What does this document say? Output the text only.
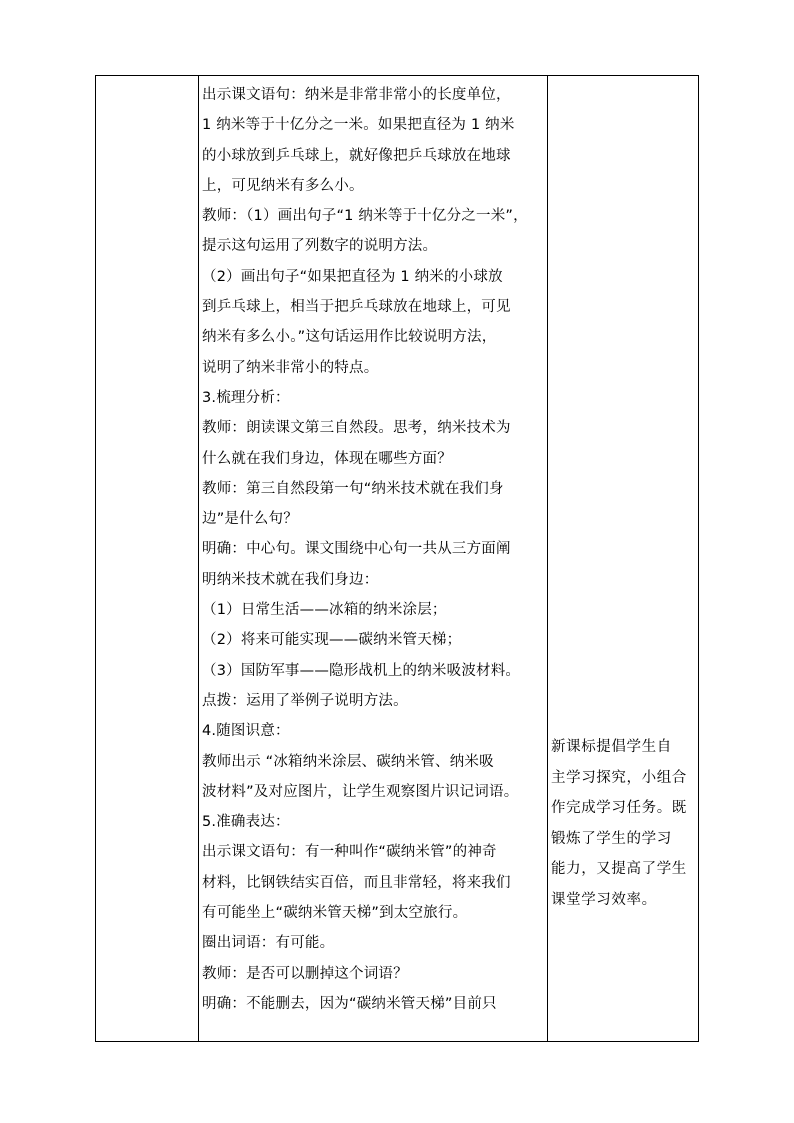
出示课文语句：纳米是非常非常小的长度单位，
1 纳米等于十亿分之一米。如果把直径为 1 纳米
的小球放到乒乓球上，就好像把乒乓球放在地球
上，可见纳米有多么小。
教师：（1）画出句子“1 纳米等于十亿分之一米”，
提示这句运用了列数字的说明方法。
（2）画出句子“如果把直径为 1 纳米的小球放
到乒乓球上，相当于把乒乓球放在地球上，可见
纳米有多么小。”这句话运用作比较说明方法，
说明了纳米非常小的特点。
3.梳理分析：
教师：朗读课文第三自然段。思考，纳米技术为
什么就在我们身边，体现在哪些方面？
教师：第三自然段第一句“纳米技术就在我们身
边”是什么句？
明确：中心句。课文围绕中心句一共从三方面阐
明纳米技术就在我们身边：
（1）日常生活——冰箱的纳米涂层；
（2）将来可能实现——碳纳米管天梯；
（3）国防军事——隐形战机上的纳米吸波材料。
点拨：运用了举例子说明方法。
4.随图识意：
教师出示 “冰箱纳米涂层、碳纳米管、纳米吸
波材料”及对应图片，让学生观察图片识记词语。
5.准确表达：
出示课文语句：有一种叫作“碳纳米管”的神奇
材料，比钢铁结实百倍，而且非常轻，将来我们
有可能坐上“碳纳米管天梯”到太空旅行。
圈出词语：有可能。
教师：是否可以删掉这个词语？
明确：不能删去，因为“碳纳米管天梯”目前只
新课标提倡学生自
主学习探究，小组合
作完成学习任务。既
锻炼了学生的学习
能力，又提高了学生
课堂学习效率。
